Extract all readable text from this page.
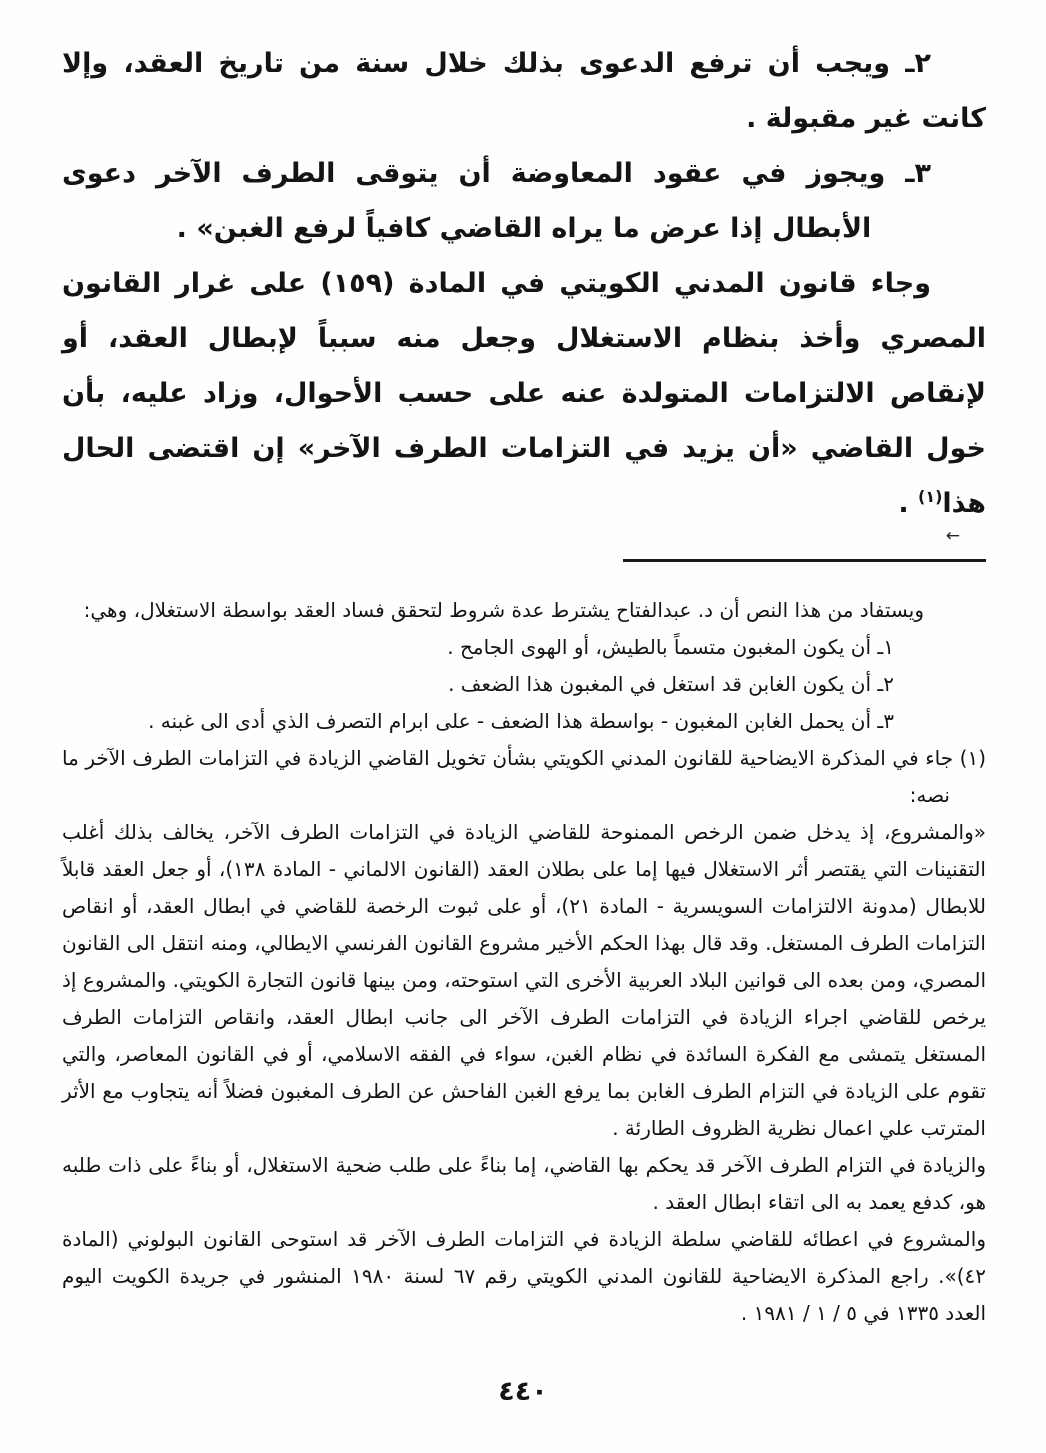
٢ـ ويجب أن ترفع الدعوى بذلك خلال سنة من تاريخ العقد، وإلا كانت غير مقبولة .

٣ـ ويجوز في عقود المعاوضة أن يتوقى الطرف الآخر دعوى الأبطال إذا عرض ما يراه القاضي كافياً لرفع الغبن» .

وجاء قانون المدني الكويتي في المادة (١٥٩) على غرار القانون المصري وأخذ بنظام الاستغلال وجعل منه سبباً لإبطال العقد، أو لإنقاص الالتزامات المتولدة عنه على حسب الأحوال، وزاد عليه، بأن خول القاضي «أن يزيد في التزامات الطرف الآخر» إن اقتضى الحال هذا$^{(١)}$ .

←

ويستفاد من هذا النص أن د. عبدالفتاح يشترط عدة شروط لتحقق فساد العقد بواسطة الاستغلال، وهي:

١ـ أن يكون المغبون متسماً بالطيش، أو الهوى الجامح .

٢ـ أن يكون الغابن قد استغل في المغبون هذا الضعف .

٣ـ أن يحمل الغابن المغبون - بواسطة هذا الضعف - على ابرام التصرف الذي أدى الى غبنه .

(١) جاء في المذكرة الايضاحية للقانون المدني الكويتي بشأن تخويل القاضي الزيادة في التزامات الطرف الآخر ما نصه:

«والمشروع، إذ يدخل ضمن الرخص الممنوحة للقاضي الزيادة في التزامات الطرف الآخر، يخالف بذلك أغلب التقنينات التي يقتصر أثر الاستغلال فيها إما على بطلان العقد (القانون الالماني - المادة ١٣٨)، أو جعل العقد قابلاً للابطال (مدونة الالتزامات السويسرية - المادة ٢١)، أو على ثبوت الرخصة للقاضي في ابطال العقد، أو انقاص التزامات الطرف المستغل. وقد قال بهذا الحكم الأخير مشروع القانون الفرنسي الايطالي، ومنه انتقل الى القانون المصري، ومن بعده الى قوانين البلاد العربية الأخرى التي استوحته، ومن بينها قانون التجارة الكويتي. والمشروع إذ يرخص للقاضي اجراء الزيادة في التزامات الطرف الآخر الى جانب ابطال العقد، وانقاص التزامات الطرف المستغل يتمشى مع الفكرة السائدة في نظام الغبن، سواء في الفقه الاسلامي، أو في القانون المعاصر، والتي تقوم على الزيادة في التزام الطرف الغابن بما يرفع الغبن الفاحش عن الطرف المغبون فضلاً أنه يتجاوب مع الأثر المترتب علي اعمال نظرية الظروف الطارئة .

والزيادة في التزام الطرف الآخر قد يحكم بها القاضي، إما بناءً على طلب ضحية الاستغلال، أو بناءً على ذات طلبه هو، كدفع يعمد به الى اتقاء ابطال العقد .

والمشروع في اعطائه للقاضي سلطة الزيادة في التزامات الطرف الآخر قد استوحى القانون البولوني (المادة ٤٢)». راجع المذكرة الايضاحية للقانون المدني الكويتي رقم ٦٧ لسنة ١٩٨٠ المنشور في جريدة الكويت اليوم العدد ١٣٣٥ في ٥ / ١ / ١٩٨١ .

٤٤٠
